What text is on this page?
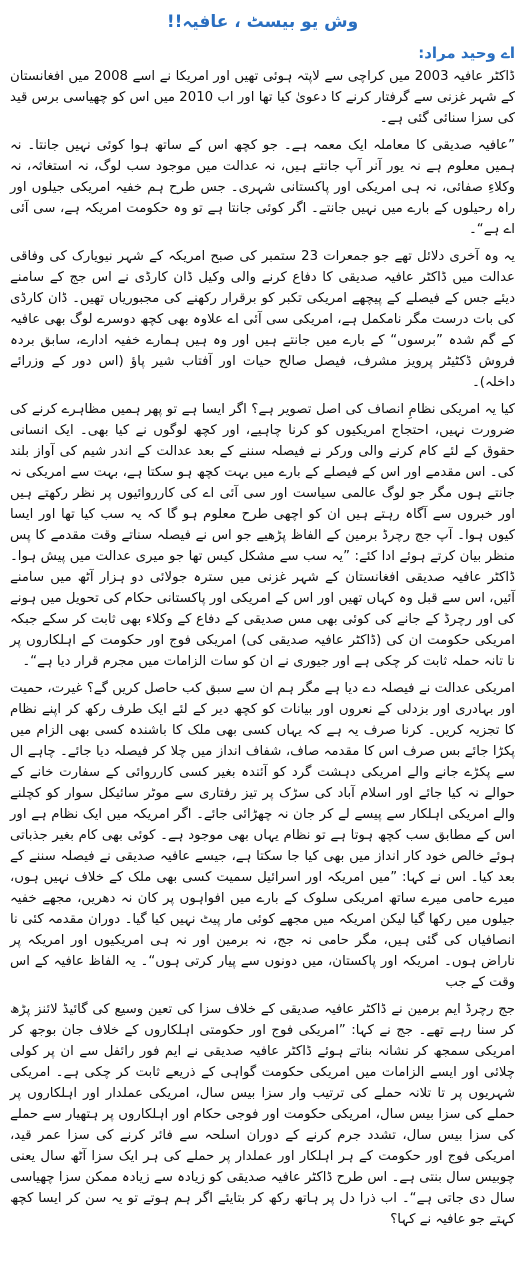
وش یو بیسٹ ، عافیہ!!
اے وحید مراد:

ڈاکٹر عافیہ 2003 میں کراچی سے لاپتہ ہوئی تھیں اور امریکا نے اسے 2008 میں افغانستان کے شہر غزنی سے گرفتار کرنے کا دعویٰ کیا تھا اور اب 2010 میں اس کو چھیاسی برس قید کی سزا سنائی گئی ہے۔

”عافیہ صدیقی کا معاملہ ایک معمہ ہے۔ جو کچھ اس کے ساتھ ہوا کوئی نہیں جانتا۔ نہ ہمیں معلوم ہے نہ یور آنر آپ جانتے ہیں، نہ عدالت میں موجود سب لوگ، نہ استغاثہ، نہ وکلاءِ صفائی، نہ ہی امریکی اور پاکستانی شہری۔ جس طرح ہم خفیہ امریکی جیلوں اور راہ رحیلوں کے بارے میں نہیں جانتے۔ اگر کوئی جانتا ہے تو وہ حکومت امریکہ ہے، سی آئی اے ہے“۔

یہ وہ آخری دلائل تھے جو جمعرات 23 ستمبر کی صبح امریکہ کے شہر نیویارک کی وفاقی عدالت میں ڈاکٹر عافیہ صدیقی کا دفاع کرنے والی وکیل ڈان کارڈی نے اس جج کے سامنے دیئے جس کے فیصلے کے پیچھے امریکی تکبر کو برقرار رکھنے کی مجبوریاں تھیں۔ ڈان کارڈی کی بات درست مگر نامکمل ہے، امریکی سی آئی اے علاوہ بھی کچھ دوسرے لوگ بھی عافیہ کے گم شدہ ”برسوں“ کے بارے میں جانتے ہیں اور وہ ہیں ہمارے خفیہ ادارے، سابق بردہ فروش ڈکٹیٹر پرویز مشرف، فیصل صالح حیات اور آفتاب شیر پاؤ (اس دور کے وزرائے داخلہ)۔

کیا یہ امریکی نظامِ انصاف کی اصل تصویر ہے؟ اگر ایسا ہے تو پھر ہمیں مظاہرے کرنے کی ضرورت نہیں، احتجاج امریکیوں کو کرنا چاہیے، اور کچھ لوگوں نے کیا بھی۔ ایک انسانی حقوق کے لئے کام کرنے والی ورکر نے فیصلہ سننے کے بعد عدالت کے اندر شیم کی آواز بلند کی۔ اس مقدمے اور اس کے فیصلے کے بارے میں بہت کچھ ہو سکتا ہے، بہت سے امریکی نہ جانتے ہوں مگر جو لوگ عالمی سیاست اور سی آئی اے کی کارروائیوں پر نظر رکھتے ہیں اور خبروں سے آگاہ رہتے ہیں ان کو اچھی طرح معلوم ہو گا کہ یہ سب کیا تھا اور ایسا کیوں ہوا۔ آپ جج رچرڈ برمین کے الفاظ پڑھیے جو اس نے فیصلہ سناتے وقت مقدمے کا پس منظر بیان کرتے ہوئے ادا کئے: ”یہ سب سے مشکل کیس تھا جو میری عدالت میں پیش ہوا۔ ڈاکٹر عافیہ صدیقی افغانستان کے شہر غزنی میں سترہ جولائی دو ہزار آٹھ میں سامنے آئیں، اس سے قبل وہ کہاں تھیں اور اس کے امریکی اور پاکستانی حکام کی تحویل میں ہونے کی اور رچرڈ کے جانے کی کوئی بھی مس صدیقی کے دفاع کے وکلاء بھی ثابت کر سکے جبکہ امریکی حکومت ان کی (ڈاکٹر عافیہ صدیقی کی) امریکی فوج اور حکومت کے اہلکاروں پر نا تانہ حملہ ثابت کر چکی ہے اور جیوری نے ان کو سات الزامات میں مجرم قرار دیا ہے“۔

امریکی عدالت نے فیصلہ دے دیا ہے مگر ہم ان سے سبق کب حاصل کریں گے؟ غیرت، حمیت اور بہادری اور بزدلی کے نعروں اور بیانات کو کچھ دیر کے لئے ایک طرف رکھ کر اپنے نظام کا تجزیہ کریں۔ کرنا صرف یہ ہے کہ یہاں کسی بھی ملک کا باشندہ کسی بھی الزام میں پکڑا جائے بس صرف اس کا مقدمہ صاف، شفاف انداز میں چلا کر فیصلہ دیا جائے۔ چاہے ال سے پکڑے جانے والے امریکی دہشت گرد کو آئندہ بغیر کسی کارروائی کے سفارت خانے کے حوالے نہ کیا جائے اور اسلام آباد کی سڑک پر تیز رفتاری سے موٹر سائیکل سوار کو کچلنے والے امریکی اہلکار سے پیسے لے کر جان نہ چھڑائی جائے۔ اگر امریکہ میں ایک نظام ہے اور اس کے مطابق سب کچھ ہوتا ہے تو نظام یہاں بھی موجود ہے۔ کوئی بھی کام بغیر جذباتی ہوئے خالص خود کار انداز میں بھی کیا جا سکتا ہے، جیسے عافیہ صدیقی نے فیصلہ سننے کے بعد کیا۔ اس نے کہا: ”میں امریکہ اور اسرائیل سمیت کسی بھی ملک کے خلاف نہیں ہوں، میرے حامی میرے ساتھ امریکی سلوک کے بارے میں افواہوں پر کان نہ دھریں، مجھے خفیہ جیلوں میں رکھا گیا لیکن امریکہ میں مجھے کوئی مار پیٹ نہیں کیا گیا۔ دوران مقدمہ کئی نا انصافیاں کی گئی ہیں، مگر حامی نہ جج، نہ برمین اور نہ ہی امریکیوں اور امریکہ پر ناراض ہوں۔ امریکہ اور پاکستان، میں دونوں سے پیار کرتی ہوں“۔ یہ الفاظ عافیہ کے اس وقت کے جب

جج رچرڈ ایم برمین نے ڈاکٹر عافیہ صدیقی کے خلاف سزا کی تعین وسیع کی گائیڈ لائنز پڑھ کر سنا رہے تھے۔ جج نے کہا: ”امریکی فوج اور حکومتی اہلکاروں کے خلاف جان بوجھ کر امریکی سمجھ کر نشانہ بناتے ہوئے ڈاکٹر عافیہ صدیقی نے ایم فور رائفل سے ان پر کولی چلائی اور ایسے الزامات میں امریکی حکومت گواہی کے ذریعے ثابت کر چکی ہے۔ امریکی شہریوں پر تا تلانہ حملے کی ترتیب وار سزا بیس سال، امریکی عملدار اور اہلکاروں پر حملے کی سزا بیس سال، امریکی حکومت اور فوجی حکام اور اہلکاروں پر ہتھیار سے حملے کی سزا بیس سال، تشدد جرم کرنے کے دوران اسلحہ سے فائر کرنے کی سزا عمر قید، امریکی فوج اور حکومت کے ہر اہلکار اور عملدار پر حملے کی ہر ایک سزا آٹھ سال یعنی چوبیس سال بنتی ہے۔ اس طرح ڈاکٹر عافیہ صدیقی کو زیادہ سے زیادہ ممکن سزا چھیاسی سال دی جاتی ہے“۔ اب ذرا دل پر ہاتھ رکھ کر بتایئے اگر ہم ہوتے تو یہ سن کر ایسا کچھ کہتے جو عافیہ نے کہا؟
